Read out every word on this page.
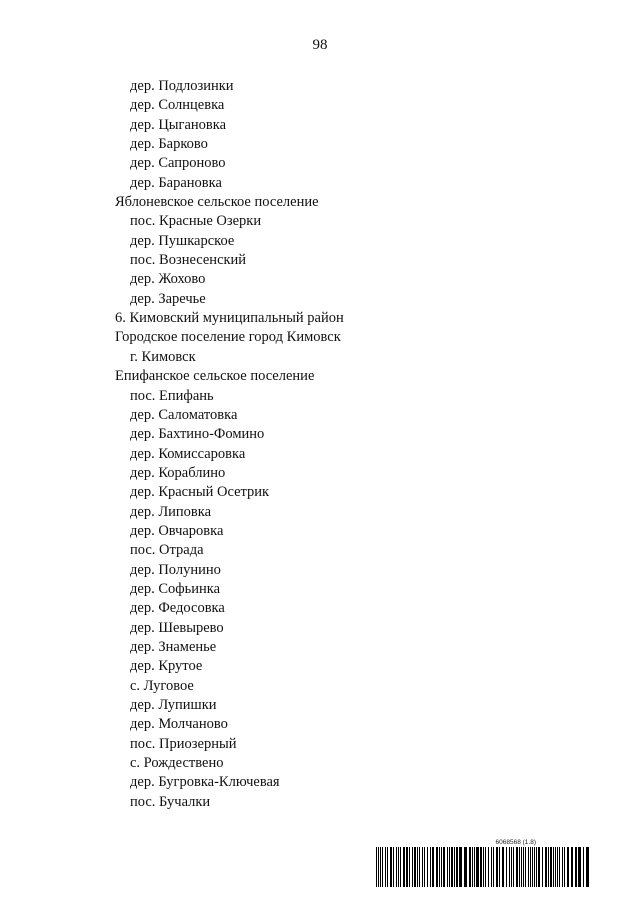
98
дер. Подлозинки
дер. Солнцевка
дер. Цыгановка
дер. Барково
дер. Сапроново
дер. Барановка
Яблоневское сельское поселение
пос. Красные Озерки
дер. Пушкарское
пос. Вознесенский
дер. Жохово
дер. Заречье
6. Кимовский муниципальный район
Городское поселение город Кимовск
г. Кимовск
Епифанское сельское поселение
пос. Епифань
дер. Саломатовка
дер. Бахтино-Фомино
дер. Комиссаровка
дер. Кораблино
дер. Красный Осетрик
дер. Липовка
дер. Овчаровка
пос. Отрада
дер. Полунино
дер. Софьинка
дер. Федосовка
дер. Шевырево
дер. Знаменье
дер. Крутое
с. Луговое
дер. Лупишки
дер. Молчаново
пос. Приозерный
с. Рождествено
дер. Бугровка-Ключевая
пос. Бучалки
6068568 (1.8)
